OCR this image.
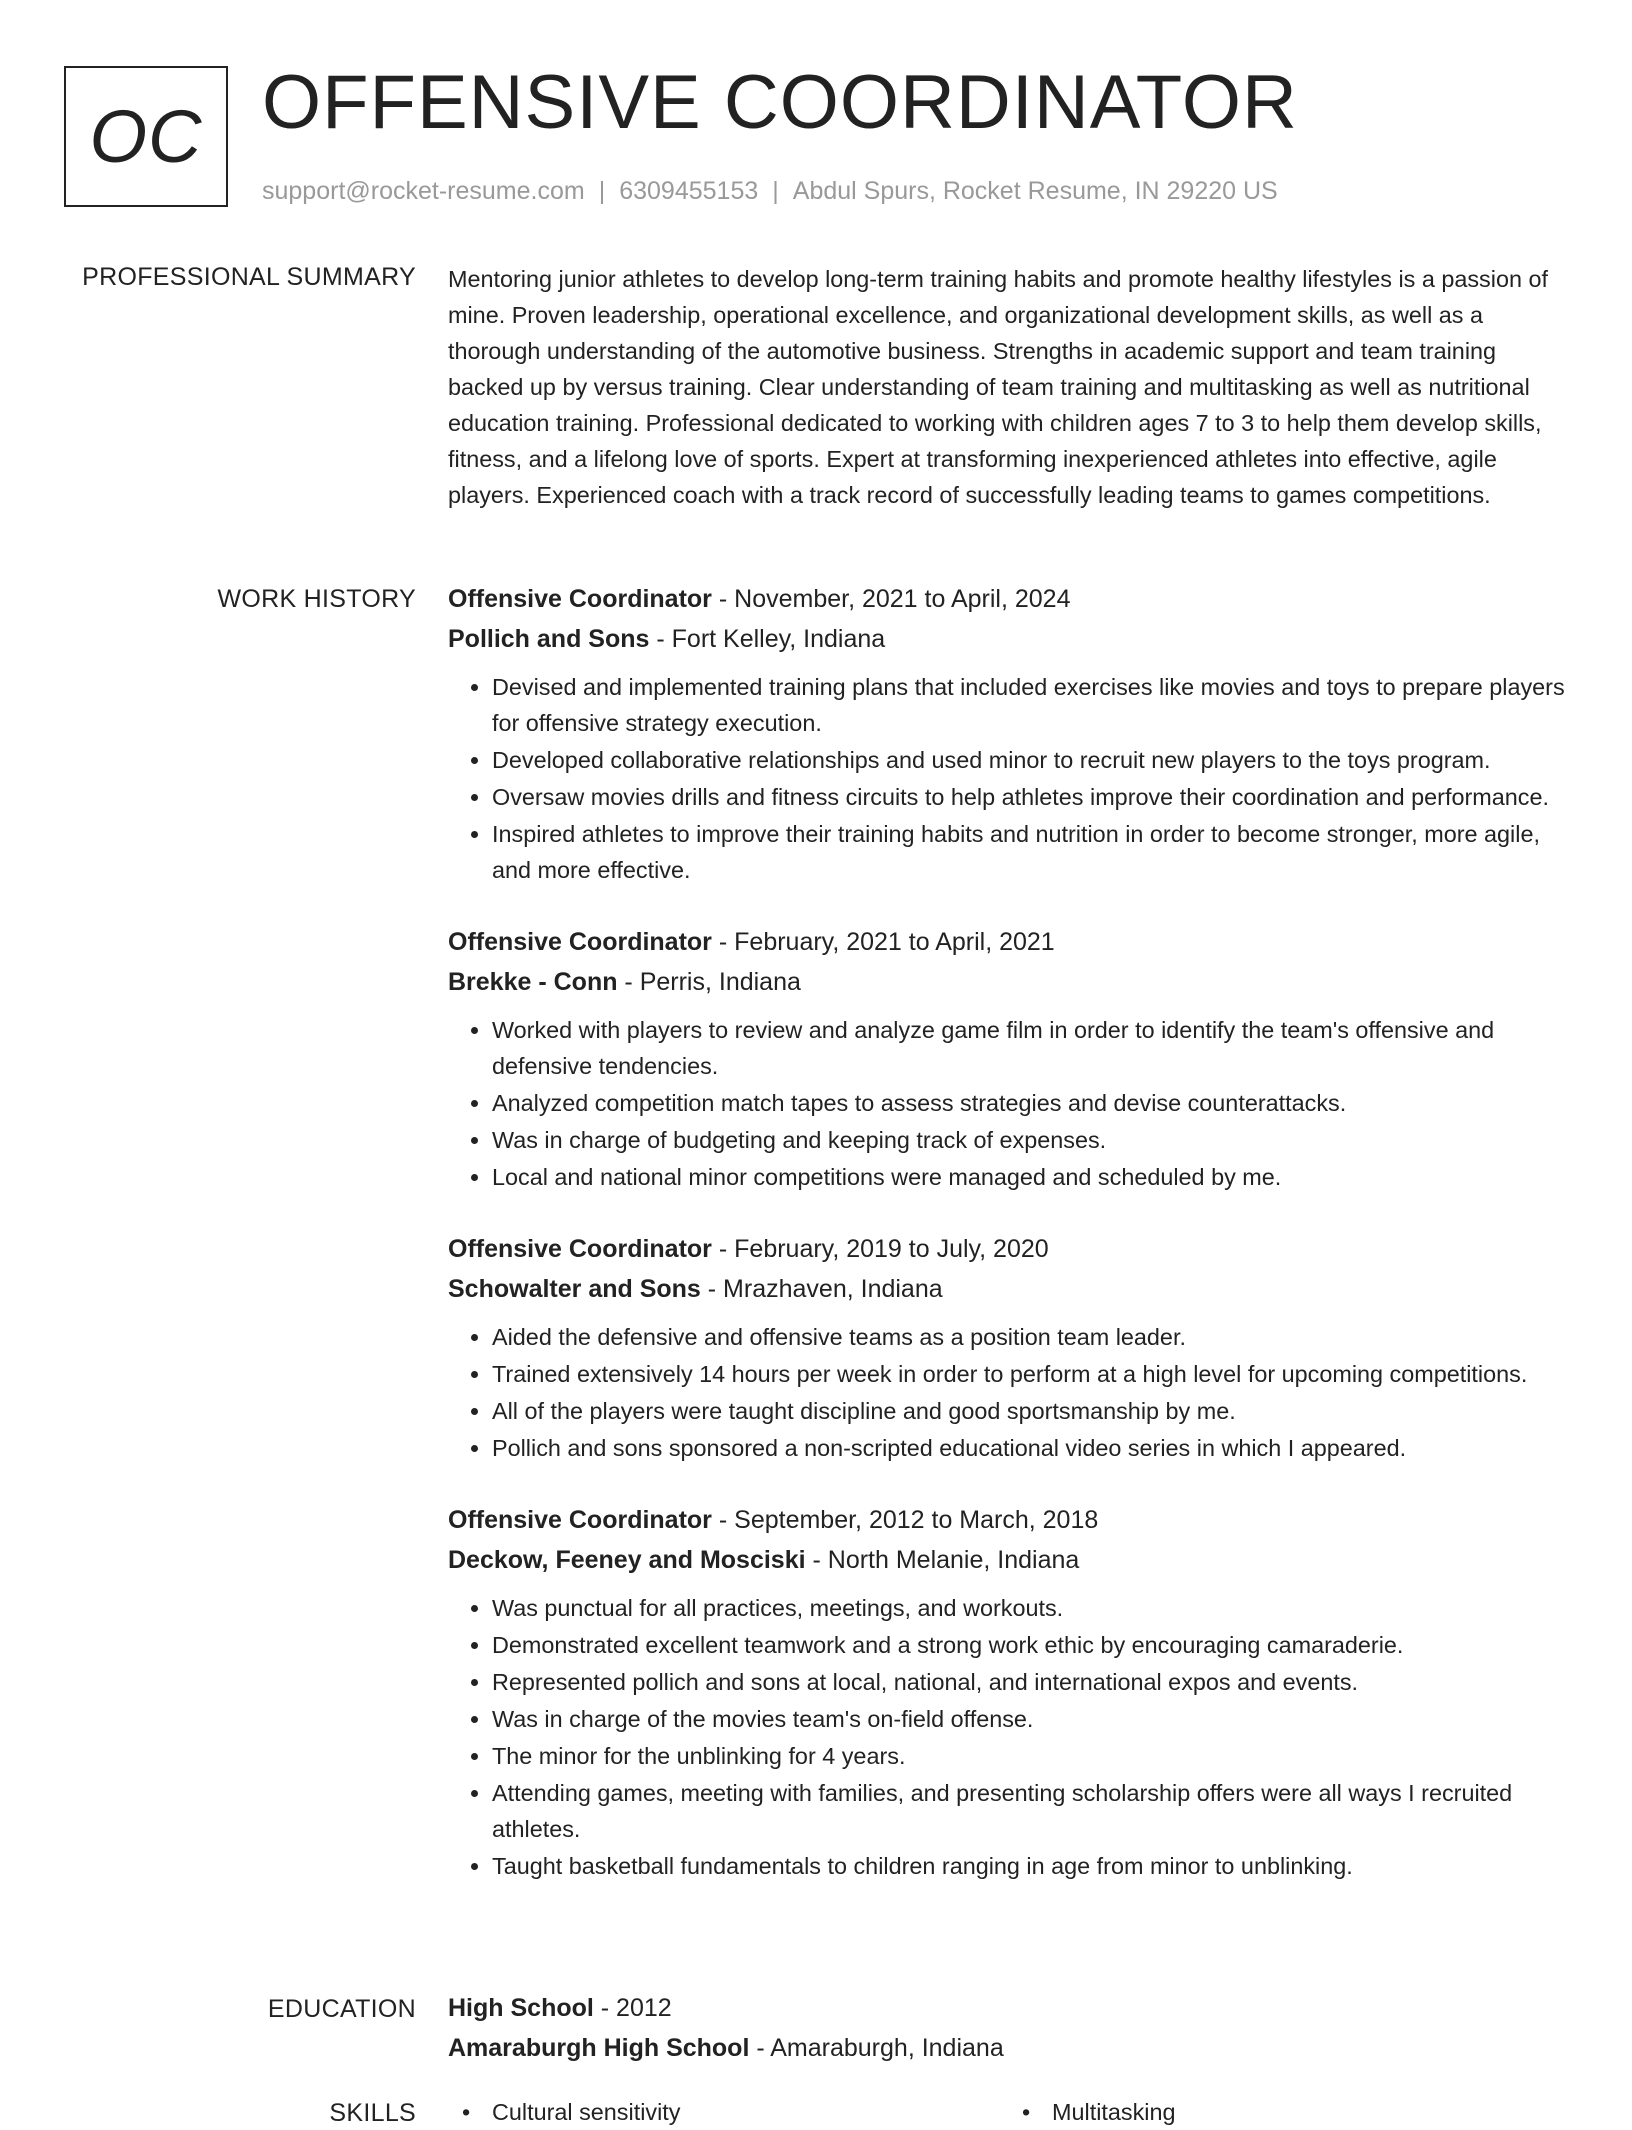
OC OFFENSIVE COORDINATOR
support@rocket-resume.com | 6309455153 | Abdul Spurs, Rocket Resume, IN 29220 US
PROFESSIONAL SUMMARY Mentoring junior athletes to develop long-term training habits and promote healthy lifestyles is a passion of mine. Proven leadership, operational excellence, and organizational development skills, as well as a thorough understanding of the automotive business. Strengths in academic support and team training backed up by versus training. Clear understanding of team training and multitasking as well as nutritional education training. Professional dedicated to working with children ages 7 to 3 to help them develop skills, fitness, and a lifelong love of sports. Expert at transforming inexperienced athletes into effective, agile players. Experienced coach with a track record of successfully leading teams to games competitions.

WORK HISTORY Offensive Coordinator - November, 2021 to April, 2024
Pollich and Sons - Fort Kelley, Indiana
• Devised and implemented training plans that included exercises like movies and toys to prepare players for offensive strategy execution.
• Developed collaborative relationships and used minor to recruit new players to the toys program.
• Oversaw movies drills and fitness circuits to help athletes improve their coordination and performance.
• Inspired athletes to improve their training habits and nutrition in order to become stronger, more agile, and more effective.
Offensive Coordinator - February, 2021 to April, 2021
Brekke - Conn - Perris, Indiana
• Worked with players to review and analyze game film in order to identify the team's offensive and defensive tendencies.
• Analyzed competition match tapes to assess strategies and devise counterattacks.
• Was in charge of budgeting and keeping track of expenses.
• Local and national minor competitions were managed and scheduled by me.
Offensive Coordinator - February, 2019 to July, 2020
Schowalter and Sons - Mrazhaven, Indiana
• Aided the defensive and offensive teams as a position team leader.
• Trained extensively 14 hours per week in order to perform at a high level for upcoming competitions.
• All of the players were taught discipline and good sportsmanship by me.
• Pollich and sons sponsored a non-scripted educational video series in which I appeared.
Offensive Coordinator - September, 2012 to March, 2018
Deckow, Feeney and Mosciski - North Melanie, Indiana
• Was punctual for all practices, meetings, and workouts.
• Demonstrated excellent teamwork and a strong work ethic by encouraging camaraderie.
• Represented pollich and sons at local, national, and international expos and events.
• Was in charge of the movies team's on-field offense.
• The minor for the unblinking for 4 years.
• Attending games, meeting with families, and presenting scholarship offers were all ways I recruited athletes.
• Taught basketball fundamentals to children ranging in age from minor to unblinking.
EDUCATION High School - 2012
Amaraburgh High School - Amaraburgh, Indiana
SKILLS	• Cultural sensitivity	• Multitasking
